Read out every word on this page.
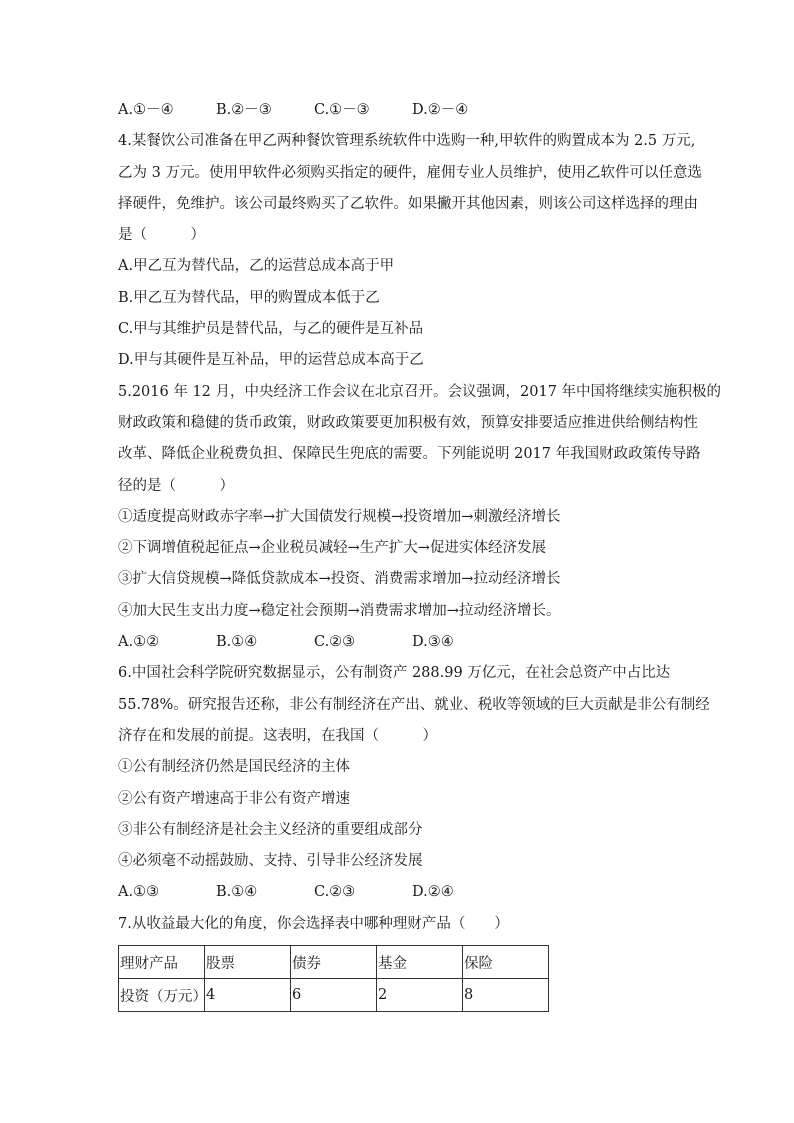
A.①－④	B.②－③	C.①－③	D.②－④
4.某餐饮公司准备在甲乙两种餐饮管理系统软件中选购一种,甲软件的购置成本为 2.5 万元,
乙为 3 万元。使用甲软件必须购买指定的硬件，雇佣专业人员维护，使用乙软件可以任意选
择硬件，免维护。该公司最终购买了乙软件。如果撇开其他因素，则该公司这样选择的理由
是（　　　）
A.甲乙互为替代品，乙的运营总成本高于甲
B.甲乙互为替代品，甲的购置成本低于乙
C.甲与其维护员是替代品，与乙的硬件是互补品
D.甲与其硬件是互补品，甲的运营总成本高于乙
5.2016 年 12 月，中央经济工作会议在北京召开。会议强调，2017 年中国将继续实施积极的
财政政策和稳健的货币政策，财政政策要更加积极有效，预算安排要适应推进供给侧结构性
改革、降低企业税费负担、保障民生兜底的需要。下列能说明 2017 年我国财政政策传导路
径的是（　　　）
①适度提高财政赤字率→扩大国债发行规模→投资增加→刺激经济增长
②下调增值税起征点→企业税员减轻→生产扩大→促进实体经济发展
③扩大信贷规模→降低贷款成本→投资、消费需求增加→拉动经济增长
④加大民生支出力度→稳定社会预期→消费需求增加→拉动经济增长。
A.①②	B.①④	C.②③	D.③④
6.中国社会科学院研究数据显示，公有制资产 288.99 万亿元，在社会总资产中占比达
55.78%。研究报告还称，非公有制经济在产出、就业、税收等领域的巨大贡献是非公有制经
济存在和发展的前提。这表明，在我国（　　　）
①公有制经济仍然是国民经济的主体
②公有资产增速高于非公有资产增速
③非公有制经济是社会主义经济的重要组成部分
④必须毫不动摇鼓励、支持、引导非公经济发展
A.①③	B.①④	C.②③	D.②④
7.从收益最大化的角度，你会选择表中哪种理财产品（　　）
理财产品	股票	债券	基金	保险
投资（万元）	4	6	2	8
